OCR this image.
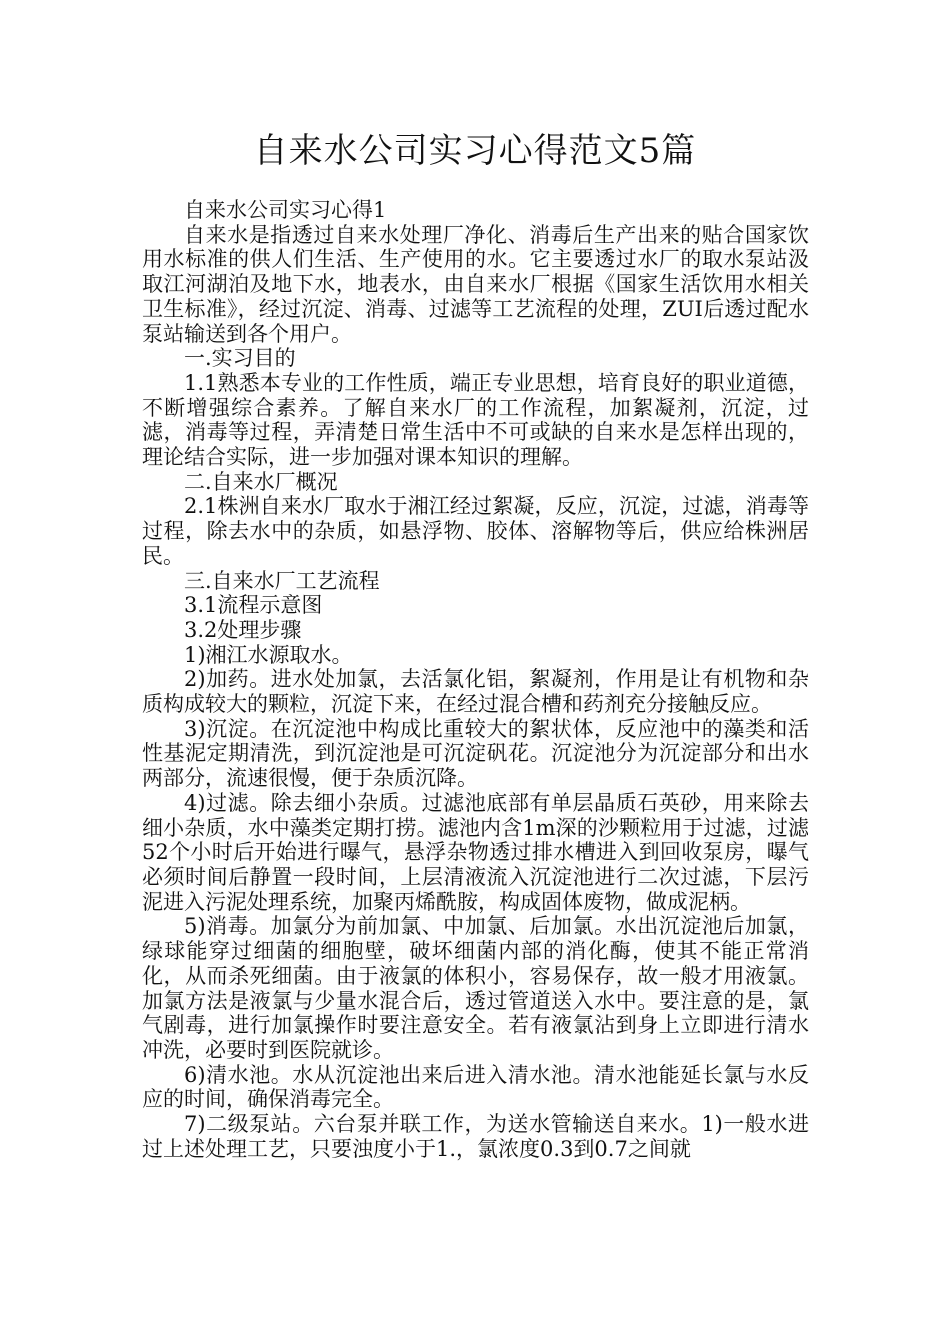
自来水公司实习心得范文5篇

自来水公司实习心得1

自来水是指透过自来水处理厂净化、消毒后生产出来的贴合国家饮用水标准的供人们生活、生产使用的水。它主要透过水厂的取水泵站汲取江河湖泊及地下水，地表水，由自来水厂根据《国家生活饮用水相关卫生标准》，经过沉淀、消毒、过滤等工艺流程的处理，ZUI后透过配水泵站输送到各个用户。

一.实习目的

1.1熟悉本专业的工作性质，端正专业思想，培育良好的职业道德，不断增强综合素养。了解自来水厂的工作流程，加絮凝剂，沉淀，过滤，消毒等过程，弄清楚日常生活中不可或缺的自来水是怎样出现的，理论结合实际，进一步加强对课本知识的理解。

二.自来水厂概况

2.1株洲自来水厂取水于湘江经过絮凝，反应，沉淀，过滤，消毒等过程，除去水中的杂质，如悬浮物、胶体、溶解物等后，供应给株洲居民。

三.自来水厂工艺流程

3.1流程示意图

3.2处理步骤

1)湘江水源取水。

2)加药。进水处加氯，去活氯化铝，絮凝剂，作用是让有机物和杂质构成较大的颗粒，沉淀下来，在经过混合槽和药剂充分接触反应。

3)沉淀。在沉淀池中构成比重较大的絮状体，反应池中的藻类和活性基泥定期清洗，到沉淀池是可沉淀矾花。沉淀池分为沉淀部分和出水两部分，流速很慢，便于杂质沉降。

4)过滤。除去细小杂质。过滤池底部有单层晶质石英砂，用来除去细小杂质，水中藻类定期打捞。滤池内含1m深的沙颗粒用于过滤，过滤52个小时后开始进行曝气，悬浮杂物透过排水槽进入到回收泵房，曝气必须时间后静置一段时间，上层清液流入沉淀池进行二次过滤，下层污泥进入污泥处理系统，加聚丙烯酰胺，构成固体废物，做成泥柄。

5)消毒。加氯分为前加氯、中加氯、后加氯。水出沉淀池后加氯，绿球能穿过细菌的细胞壁，破坏细菌内部的消化酶，使其不能正常消化，从而杀死细菌。由于液氯的体积小，容易保存，故一般才用液氯。加氯方法是液氯与少量水混合后，透过管道送入水中。要注意的是，氯气剧毒，进行加氯操作时要注意安全。若有液氯沾到身上立即进行清水冲洗，必要时到医院就诊。

6)清水池。水从沉淀池出来后进入清水池。清水池能延长氯与水反应的时间，确保消毒完全。

7)二级泵站。六台泵并联工作，为送水管输送自来水。1)一般水进过上述处理工艺，只要浊度小于1.，氯浓度0.3到0.7之间就
